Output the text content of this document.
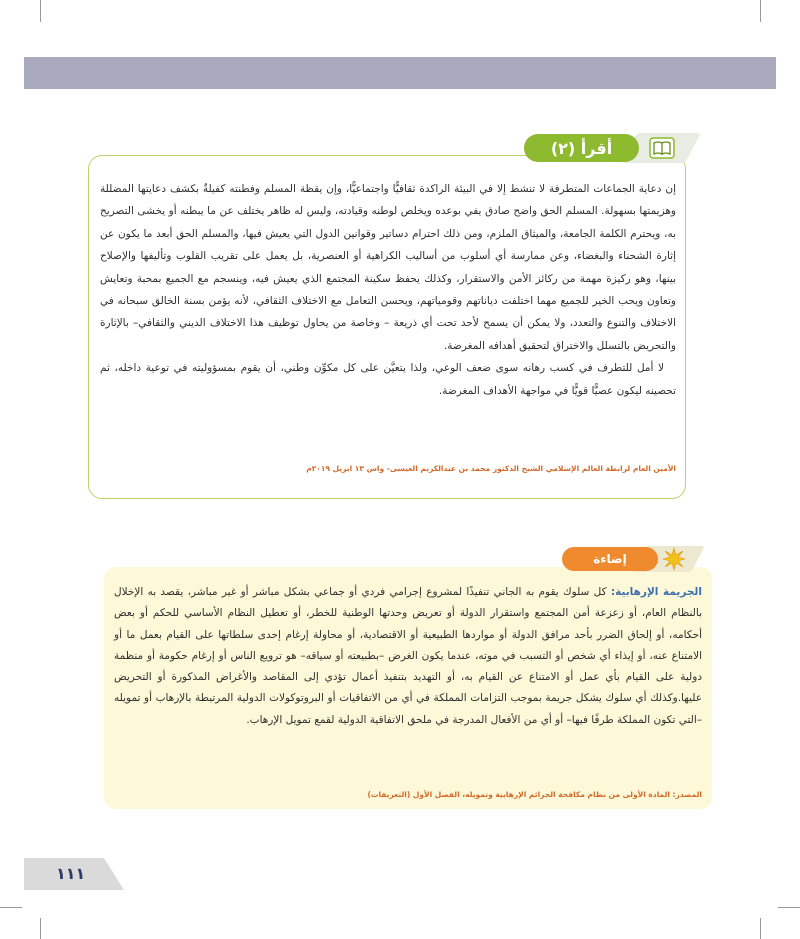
أقرأ (٢)

إن دعاية الجماعات المتطرفة لا تنشط إلا في البيئة الراكدة ثقافيًّا واجتماعيًّا، وإن يقظة المسلم وفطنته كفيلةٌ بكشف دعايتها المضللة وهزيمتها بسهولة. المسلم الحق واضح صادق يفي بوعده ويخلص لوطنه وقيادته، وليس له ظاهر يختلف عن ما يبطنه أو يخشى التصريح به، ويحترم الكلمة الجامعة، والميثاق الملزم، ومن ذلك احترام دساتير وقوانين الدول التي يعيش فيها، والمسلم الحق أبعد ما يكون عن إثارة الشحناء والبغضاء، وعن ممارسة أي أسلوب من أساليب الكراهية أو العنصرية، بل يعمل على تقريب القلوب وتأليفها والإصلاح بينها، وهو ركيزة مهمة من ركائز الأمن والاستقرار، وكذلك يحفظ سكينة المجتمع الذي يعيش فيه، وينسجم مع الجميع بمحبة وتعايش وتعاون ويحب الخير للجميع مهما اختلفت دياناتهم وقومياتهم، ويحسن التعامل مع الاختلاف الثقافي، لأنه يؤمن بسنة الخالق سبحانه في الاختلاف والتنوع والتعدد، ولا يمكن أن يسمح لأحد تحت أي ذريعة – وخاصة من يحاول توظيف هذا الاختلاف الديني والثقافي– بالإثارة والتحريض بالتسلل والاختراق لتحقيق أهدافه المغرضة.

لا أمل للتطرف في كسب رهانه سوى ضعف الوعي، ولذا يتعيَّن على كل مكوِّن وطني، أن يقوم بمسؤوليته في توعية داخله، ثم تحصينه ليكون عصيًّا قويًّا في مواجهة الأهداف المغرضة.

الأمين العام لرابطة العالم الإسلامي الشيخ الدكتور محمد بن عبدالكريم العيسى- واس ١٣ ابريل ٢٠١٩م
إضاءة
الجريمة الإرهابية: كل سلوك يقوم به الجاني تنفيذًا لمشروع إجرامي فردي أو جماعي بشكل مباشر أو غير مباشر، يقصد به الإخلال بالنظام العام، أو زعزعة أمن المجتمع واستقرار الدولة أو تعريض وحدتها الوطنية للخطر، أو تعطيل النظام الأساسي للحكم أو بعض أحكامه، أو إلحاق الضرر بأحد مرافق الدولة أو مواردها الطبيعية أو الاقتصادية، أو محاولة إرغام إحدى سلطاتها على القيام بعمل ما أو الامتناع عنه، أو إيذاء أي شخص أو التسبب في موته، عندما يكون الغرض –بطبيعته أو سياقه– هو ترويع الناس أو إرغام حكومة أو منظمة دولية على القيام بأي عمل أو الامتناع عن القيام به، أو التهديد بتنفيذ أعمال تؤدي إلى المقاصد والأغراض المذكورة أو التحريض عليها.وكذلك أي سلوك يشكل جريمة بموجب التزامات المملكة في أي من الاتفاقيات أو البروتوكولات الدولية المرتبطة بالإرهاب أو تمويله –التي تكون المملكة طرفًا فيها– أو أي من الأفعال المدرجة في ملحق الاتفاقية الدولية لقمع تمويل الإرهاب.
المصدر: المادة الأولى من نظام مكافحة الجرائم الإرهابية وتمويله، الفصل الأول (التعريفات)
١١١
